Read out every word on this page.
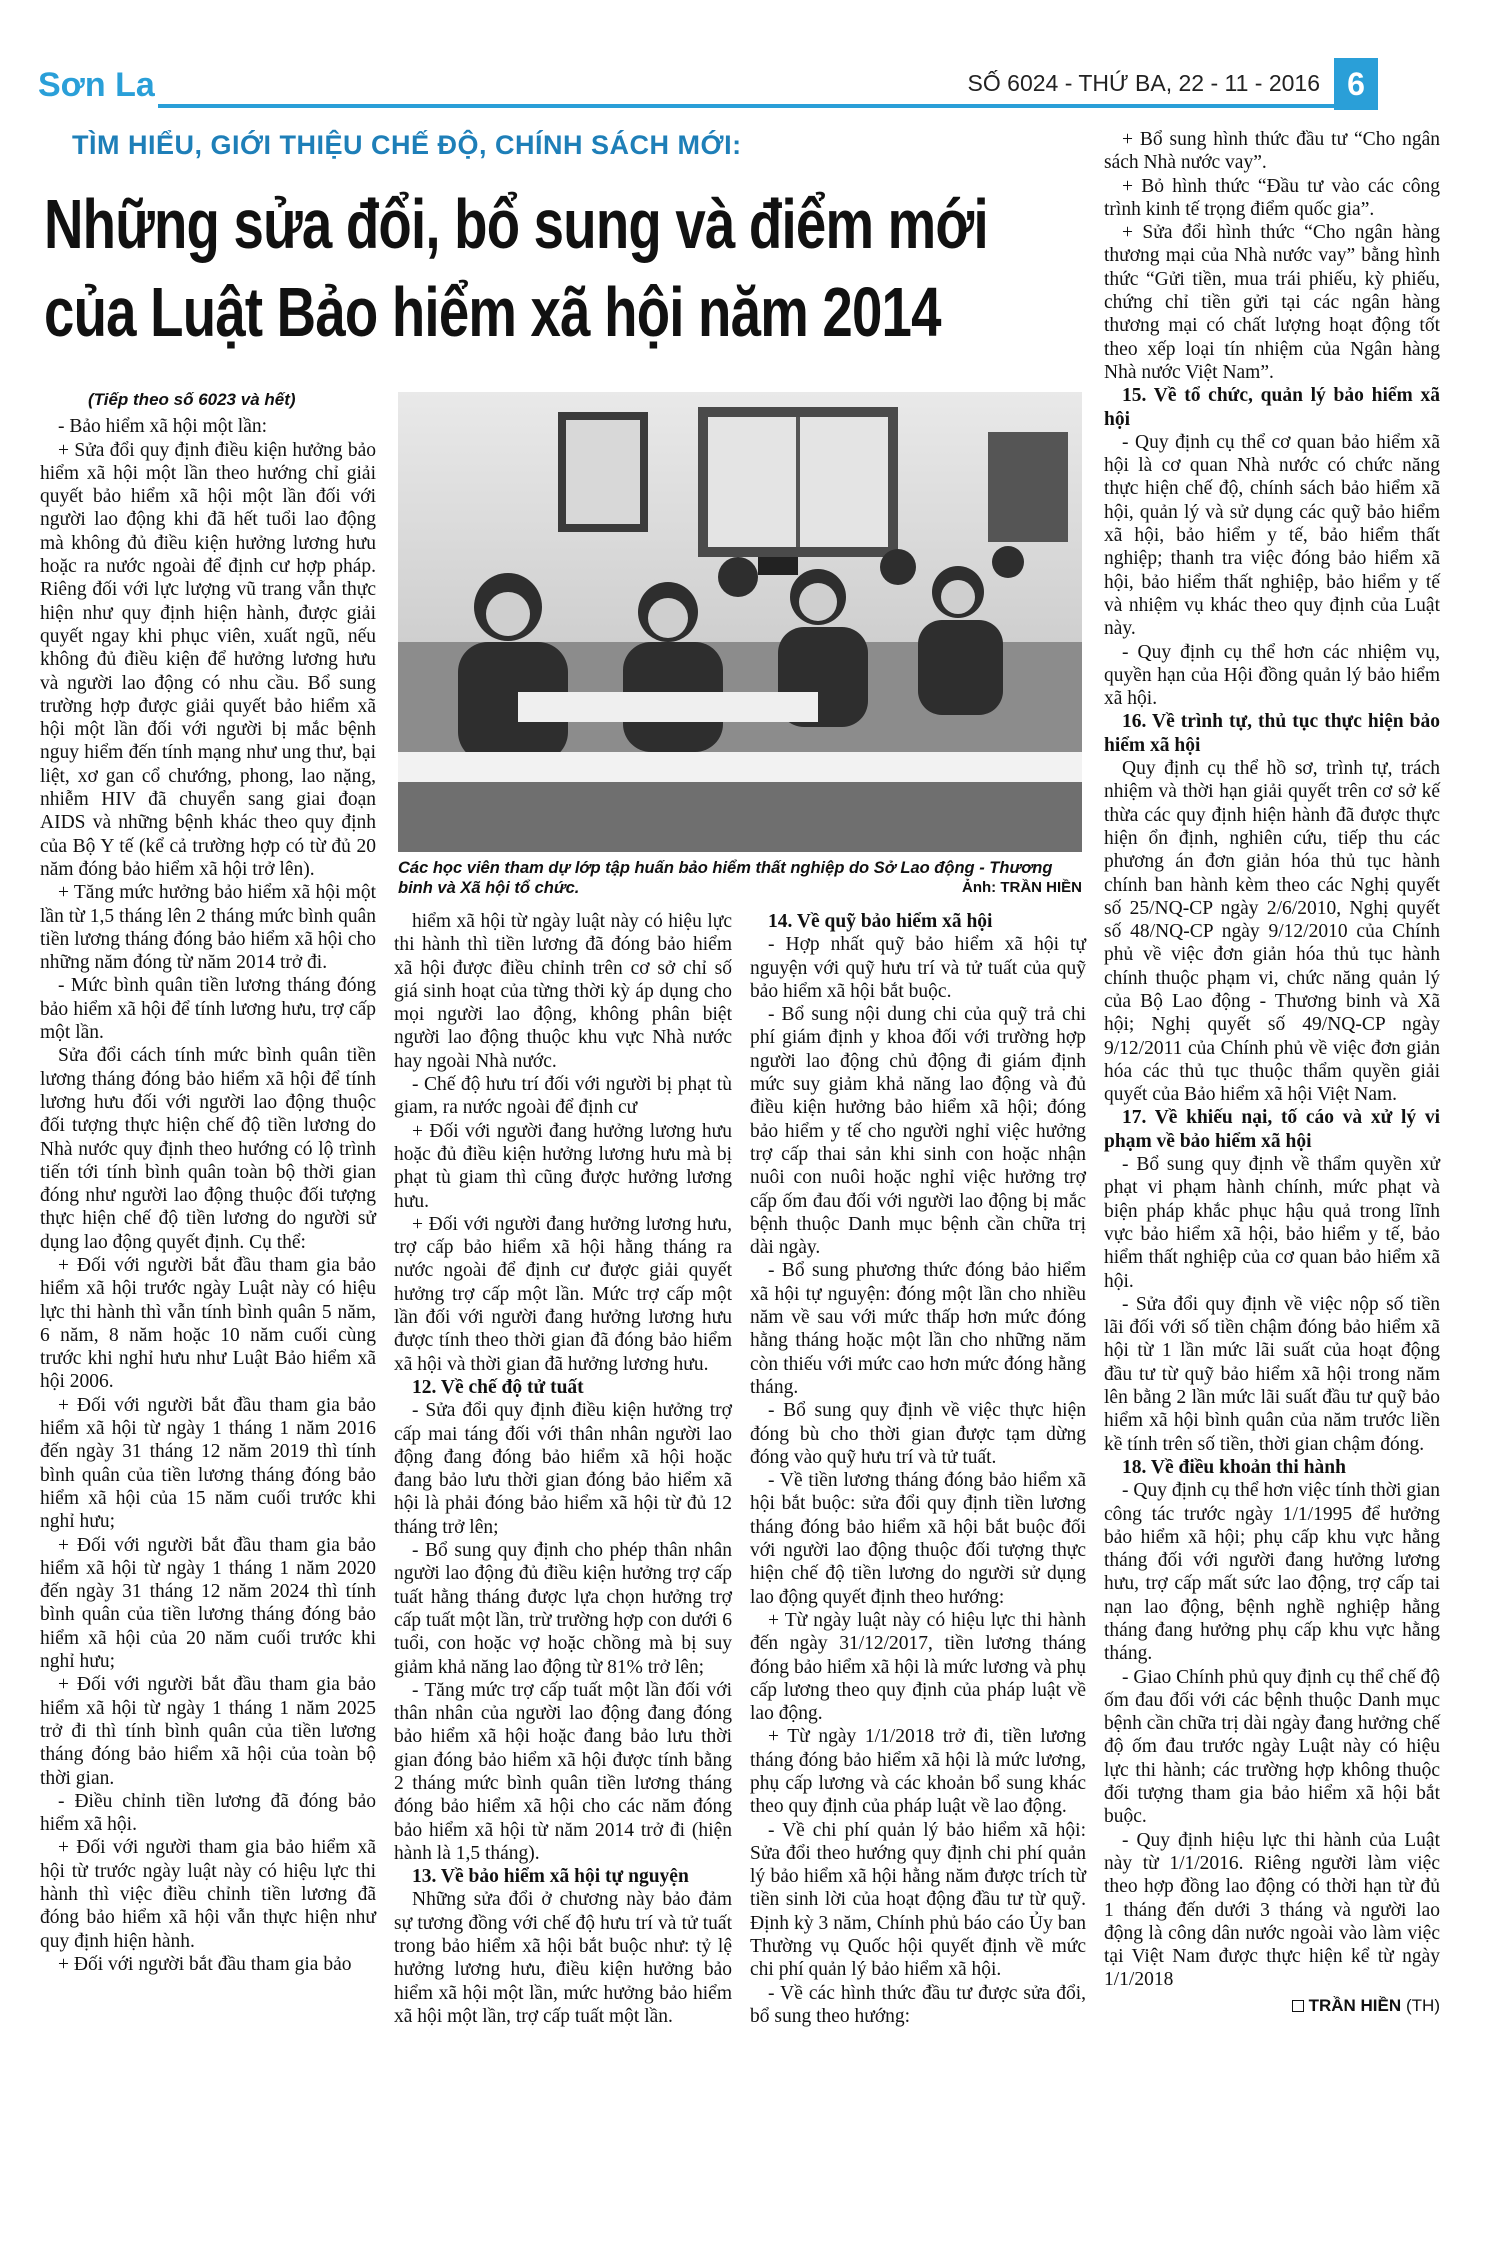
Sơn La	SỐ 6024 - THỨ BA, 22 - 11 - 2016 6
TÌM HIỂU, GIỚI THIỆU CHẾ ĐỘ, CHÍNH SÁCH MỚI:
Những sửa đổi, bổ sung và điểm mới
của Luật Bảo hiểm xã hội năm 2014

(Tiếp theo số 6023 và hết)

- Bảo hiểm xã hội một lần:

+ Sửa đổi quy định điều kiện hưởng bảo hiểm xã hội một lần theo hướng chỉ giải quyết bảo hiểm xã hội một lần đối với người lao động khi đã hết tuổi lao động mà không đủ điều kiện hưởng lương hưu hoặc ra nước ngoài để định cư hợp pháp. Riêng đối với lực lượng vũ trang vẫn thực hiện như quy định hiện hành, được giải quyết ngay khi phục viên, xuất ngũ, nếu không đủ điều kiện để hưởng lương hưu và người lao động có nhu cầu. Bổ sung trường hợp được giải quyết bảo hiểm xã hội một lần đối với người bị mắc bệnh nguy hiểm đến tính mạng như ung thư, bại liệt, xơ gan cổ chướng, phong, lao nặng, nhiễm HIV đã chuyển sang giai đoạn AIDS và những bệnh khác theo quy định của Bộ Y tế (kể cả trường hợp có từ đủ 20 năm đóng bảo hiểm xã hội trở lên).

+ Tăng mức hưởng bảo hiểm xã hội một lần từ 1,5 tháng lên 2 tháng mức bình quân tiền lương tháng đóng bảo hiểm xã hội cho những năm đóng từ năm 2014 trở đi.

- Mức bình quân tiền lương tháng đóng bảo hiểm xã hội để tính lương hưu, trợ cấp một lần.

Sửa đổi cách tính mức bình quân tiền lương tháng đóng bảo hiểm xã hội để tính lương hưu đối với người lao động thuộc đối tượng thực hiện chế độ tiền lương do Nhà nước quy định theo hướng có lộ trình tiến tới tính bình quân toàn bộ thời gian đóng như người lao động thuộc đối tượng thực hiện chế độ tiền lương do người sử dụng lao động quyết định. Cụ thể:

+ Đối với người bắt đầu tham gia bảo hiểm xã hội trước ngày Luật này có hiệu lực thi hành thì vẫn tính bình quân 5 năm, 6 năm, 8 năm hoặc 10 năm cuối cùng trước khi nghỉ hưu như Luật Bảo hiểm xã hội 2006.

+ Đối với người bắt đầu tham gia bảo hiểm xã hội từ ngày 1 tháng 1 năm 2016 đến ngày 31 tháng 12 năm 2019 thì tính bình quân của tiền lương tháng đóng bảo hiểm xã hội của 15 năm cuối trước khi nghỉ hưu;

+ Đối với người bắt đầu tham gia bảo hiểm xã hội từ ngày 1 tháng 1 năm 2020 đến ngày 31 tháng 12 năm 2024 thì tính bình quân của tiền lương tháng đóng bảo hiểm xã hội của 20 năm cuối trước khi nghỉ hưu;

+ Đối với người bắt đầu tham gia bảo hiểm xã hội từ ngày 1 tháng 1 năm 2025 trở đi thì tính bình quân của tiền lương tháng đóng bảo hiểm xã hội của toàn bộ thời gian.

- Điều chỉnh tiền lương đã đóng bảo hiểm xã hội.

+ Đối với người tham gia bảo hiểm xã hội từ trước ngày luật này có hiệu lực thi hành thì việc điều chỉnh tiền lương đã đóng bảo hiểm xã hội vẫn thực hiện như quy định hiện hành.

+ Đối với người bắt đầu tham gia bảo

Các học viên tham dự lớp tập huấn bảo hiểm thất nghiệp do Sở Lao động - Thương binh và Xã hội tổ chức.	Ảnh: TRẦN HIỀN

hiểm xã hội từ ngày luật này có hiệu lực thi hành thì tiền lương đã đóng bảo hiểm xã hội được điều chỉnh trên cơ sở chỉ số giá sinh hoạt của từng thời kỳ áp dụng cho mọi người lao động, không phân biệt người lao động thuộc khu vực Nhà nước hay ngoài Nhà nước.

- Chế độ hưu trí đối với người bị phạt tù giam, ra nước ngoài để định cư

+ Đối với người đang hưởng lương hưu hoặc đủ điều kiện hưởng lương hưu mà bị phạt tù giam thì cũng được hưởng lương hưu.

+ Đối với người đang hưởng lương hưu, trợ cấp bảo hiểm xã hội hằng tháng ra nước ngoài để định cư được giải quyết hưởng trợ cấp một lần. Mức trợ cấp một lần đối với người đang hưởng lương hưu được tính theo thời gian đã đóng bảo hiểm xã hội và thời gian đã hưởng lương hưu.

12. Về chế độ tử tuất

- Sửa đổi quy định điều kiện hưởng trợ cấp mai táng đối với thân nhân người lao động đang đóng bảo hiểm xã hội hoặc đang bảo lưu thời gian đóng bảo hiểm xã hội là phải đóng bảo hiểm xã hội từ đủ 12 tháng trở lên;

- Bổ sung quy định cho phép thân nhân người lao động đủ điều kiện hưởng trợ cấp tuất hằng tháng được lựa chọn hưởng trợ cấp tuất một lần, trừ trường hợp con dưới 6 tuổi, con hoặc vợ hoặc chồng mà bị suy giảm khả năng lao động từ 81% trở lên;

- Tăng mức trợ cấp tuất một lần đối với thân nhân của người lao động đang đóng bảo hiểm xã hội hoặc đang bảo lưu thời gian đóng bảo hiểm xã hội được tính bằng 2 tháng mức bình quân tiền lương tháng đóng bảo hiểm xã hội cho các năm đóng bảo hiểm xã hội từ năm 2014 trở đi (hiện hành là 1,5 tháng).

13. Về bảo hiểm xã hội tự nguyện

Những sửa đổi ở chương này bảo đảm sự tương đồng với chế độ hưu trí và tử tuất trong bảo hiểm xã hội bắt buộc như: tỷ lệ hưởng lương hưu, điều kiện hưởng bảo hiểm xã hội một lần, mức hưởng bảo hiểm xã hội một lần, trợ cấp tuất một lần.

14. Về quỹ bảo hiểm xã hội

- Hợp nhất quỹ bảo hiểm xã hội tự nguyện với quỹ hưu trí và tử tuất của quỹ bảo hiểm xã hội bắt buộc.

- Bổ sung nội dung chi của quỹ trả chi phí giám định y khoa đối với trường hợp người lao động chủ động đi giám định mức suy giảm khả năng lao động và đủ điều kiện hưởng bảo hiểm xã hội; đóng bảo hiểm y tế cho người nghỉ việc hưởng trợ cấp thai sản khi sinh con hoặc nhận nuôi con nuôi hoặc nghỉ việc hưởng trợ cấp ốm đau đối với người lao động bị mắc bệnh thuộc Danh mục bệnh cần chữa trị dài ngày.

- Bổ sung phương thức đóng bảo hiểm xã hội tự nguyện: đóng một lần cho nhiều năm về sau với mức thấp hơn mức đóng hằng tháng hoặc một lần cho những năm còn thiếu với mức cao hơn mức đóng hằng tháng.

- Bổ sung quy định về việc thực hiện đóng bù cho thời gian được tạm dừng đóng vào quỹ hưu trí và tử tuất.

- Về tiền lương tháng đóng bảo hiểm xã hội bắt buộc: sửa đổi quy định tiền lương tháng đóng bảo hiểm xã hội bắt buộc đối với người lao động thuộc đối tượng thực hiện chế độ tiền lương do người sử dụng lao động quyết định theo hướng:

+ Từ ngày luật này có hiệu lực thi hành đến ngày 31/12/2017, tiền lương tháng đóng bảo hiểm xã hội là mức lương và phụ cấp lương theo quy định của pháp luật về lao động.

+ Từ ngày 1/1/2018 trở đi, tiền lương tháng đóng bảo hiểm xã hội là mức lương, phụ cấp lương và các khoản bổ sung khác theo quy định của pháp luật về lao động.

- Về chi phí quản lý bảo hiểm xã hội: Sửa đổi theo hướng quy định chi phí quản lý bảo hiểm xã hội hằng năm được trích từ tiền sinh lời của hoạt động đầu tư từ quỹ. Định kỳ 3 năm, Chính phủ báo cáo Ủy ban Thường vụ Quốc hội quyết định về mức chi phí quản lý bảo hiểm xã hội.

- Về các hình thức đầu tư được sửa đổi, bổ sung theo hướng:

+ Bổ sung hình thức đầu tư “Cho ngân sách Nhà nước vay”.

+ Bỏ hình thức “Đầu tư vào các công trình kinh tế trọng điểm quốc gia”.

+ Sửa đổi hình thức “Cho ngân hàng thương mại của Nhà nước vay” bằng hình thức “Gửi tiền, mua trái phiếu, kỳ phiếu, chứng chỉ tiền gửi tại các ngân hàng thương mại có chất lượng hoạt động tốt theo xếp loại tín nhiệm của Ngân hàng Nhà nước Việt Nam”.

15. Về tổ chức, quản lý bảo hiểm xã hội

- Quy định cụ thể cơ quan bảo hiểm xã hội là cơ quan Nhà nước có chức năng thực hiện chế độ, chính sách bảo hiểm xã hội, quản lý và sử dụng các quỹ bảo hiểm xã hội, bảo hiểm y tế, bảo hiểm thất nghiệp; thanh tra việc đóng bảo hiểm xã hội, bảo hiểm thất nghiệp, bảo hiểm y tế và nhiệm vụ khác theo quy định của Luật này.

- Quy định cụ thể hơn các nhiệm vụ, quyền hạn của Hội đồng quản lý bảo hiểm xã hội.

16. Về trình tự, thủ tục thực hiện bảo hiểm xã hội

Quy định cụ thể hồ sơ, trình tự, trách nhiệm và thời hạn giải quyết trên cơ sở kế thừa các quy định hiện hành đã được thực hiện ổn định, nghiên cứu, tiếp thu các phương án đơn giản hóa thủ tục hành chính ban hành kèm theo các Nghị quyết số 25/NQ-CP ngày 2/6/2010, Nghị quyết số 48/NQ-CP ngày 9/12/2010 của Chính phủ về việc đơn giản hóa thủ tục hành chính thuộc phạm vi, chức năng quản lý của Bộ Lao động - Thương binh và Xã hội; Nghị quyết số 49/NQ-CP ngày 9/12/2011 của Chính phủ về việc đơn giản hóa các thủ tục thuộc thẩm quyền giải quyết của Bảo hiểm xã hội Việt Nam.

17. Về khiếu nại, tố cáo và xử lý vi phạm về bảo hiểm xã hội

- Bổ sung quy định về thẩm quyền xử phạt vi phạm hành chính, mức phạt và biện pháp khắc phục hậu quả trong lĩnh vực bảo hiểm xã hội, bảo hiểm y tế, bảo hiểm thất nghiệp của cơ quan bảo hiểm xã hội.

- Sửa đổi quy định về việc nộp số tiền lãi đối với số tiền chậm đóng bảo hiểm xã hội từ 1 lần mức lãi suất của hoạt động đầu tư từ quỹ bảo hiểm xã hội trong năm lên bằng 2 lần mức lãi suất đầu tư quỹ bảo hiểm xã hội bình quân của năm trước liền kề tính trên số tiền, thời gian chậm đóng.

18. Về điều khoản thi hành

- Quy định cụ thể hơn việc tính thời gian công tác trước ngày 1/1/1995 để hưởng bảo hiểm xã hội; phụ cấp khu vực hằng tháng đối với người đang hưởng lương hưu, trợ cấp mất sức lao động, trợ cấp tai nạn lao động, bệnh nghề nghiệp hằng tháng đang hưởng phụ cấp khu vực hằng tháng.

- Giao Chính phủ quy định cụ thể chế độ ốm đau đối với các bệnh thuộc Danh mục bệnh cần chữa trị dài ngày đang hưởng chế độ ốm đau trước ngày Luật này có hiệu lực thi hành; các trường hợp không thuộc đối tượng tham gia bảo hiểm xã hội bắt buộc.

- Quy định hiệu lực thi hành của Luật này từ 1/1/2016. Riêng người làm việc theo hợp đồng lao động có thời hạn từ đủ 1 tháng đến dưới 3 tháng và người lao động là công dân nước ngoài vào làm việc tại Việt Nam được thực hiện kể từ ngày 1/1/2018

TRẦN HIỀN (TH)
